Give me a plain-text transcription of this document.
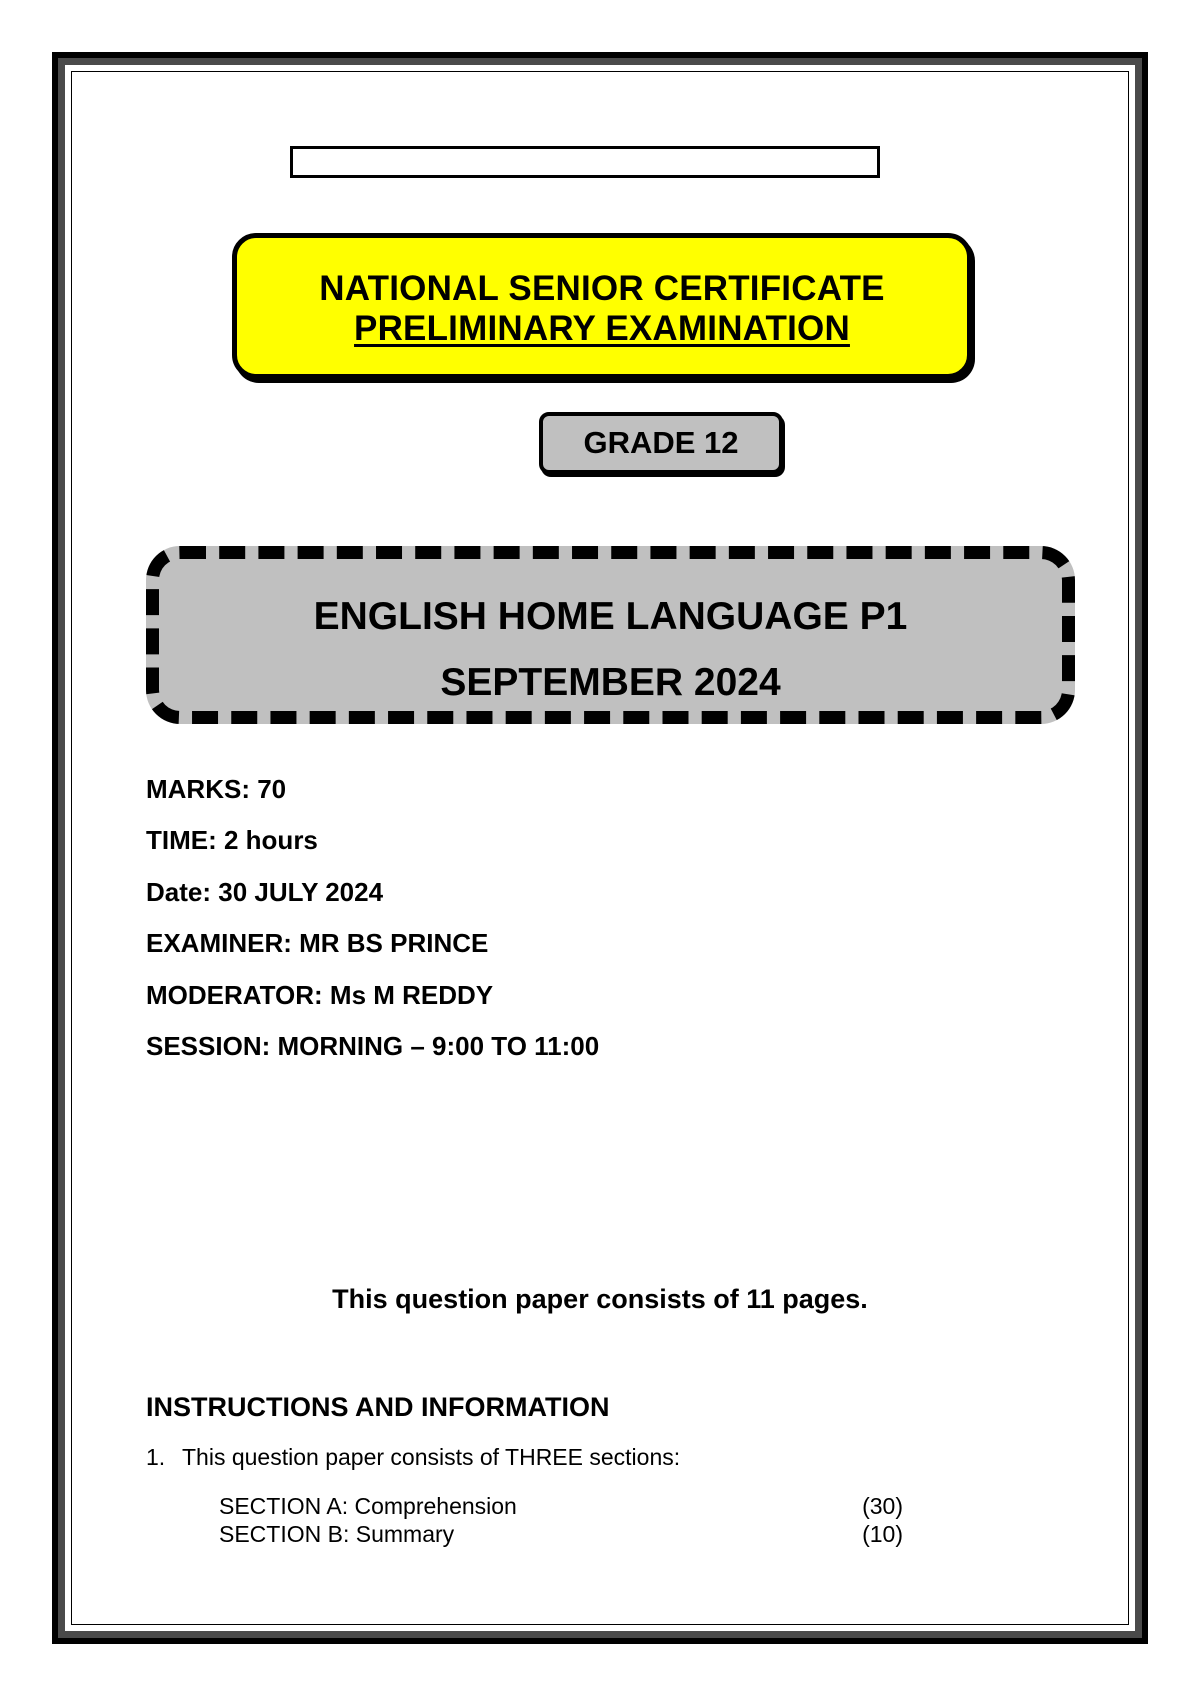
NATIONAL SENIOR CERTIFICATE
PRELIMINARY EXAMINATION
GRADE 12
ENGLISH HOME LANGUAGE P1
SEPTEMBER 2024
MARKS: 70
TIME: 2 hours
Date: 30 JULY 2024
EXAMINER: MR BS PRINCE
MODERATOR: Ms M REDDY
SESSION: MORNING – 9:00 TO 11:00
This question paper consists of 11 pages.
INSTRUCTIONS AND INFORMATION
1. This question paper consists of THREE sections:
SECTION A: Comprehension	(30)
SECTION B: Summary	(10)
